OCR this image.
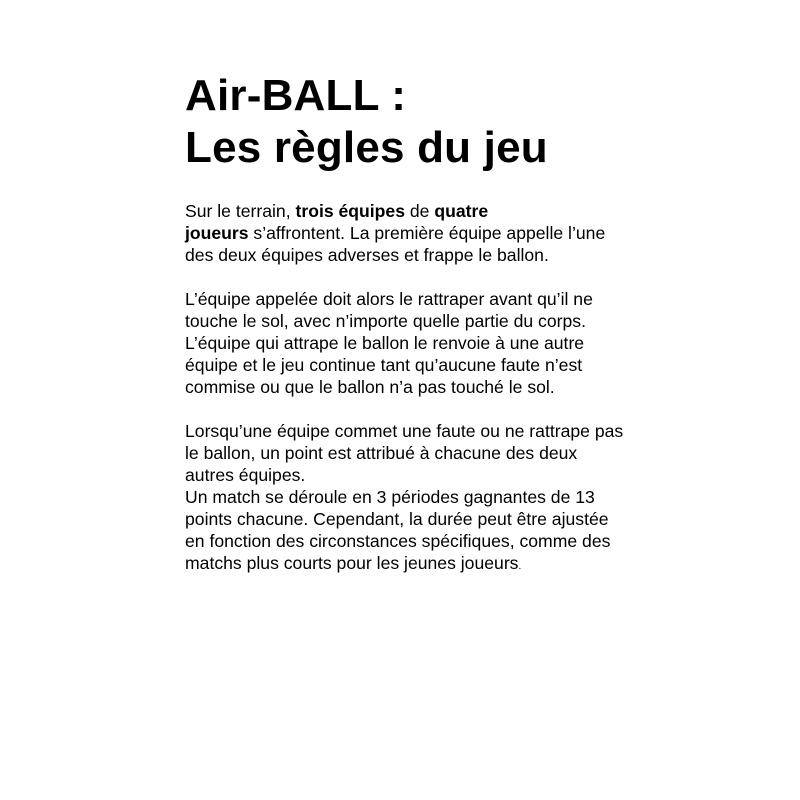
Air-BALL :
Les règles du jeu

Sur le terrain, trois équipes de quatre
joueurs s’affrontent. La première équipe appelle l’une des deux équipes adverses et frappe le ballon.

L’équipe appelée doit alors le rattraper avant qu’il ne touche le sol, avec n’importe quelle partie du corps. L’équipe qui attrape le ballon le renvoie à une autre équipe et le jeu continue tant qu’aucune faute n’est commise ou que le ballon n’a pas touché le sol.

Lorsqu’une équipe commet une faute ou ne rattrape pas le ballon, un point est attribué à chacune des deux autres équipes.

Un match se déroule en 3 périodes gagnantes de 13 points chacune. Cependant, la durée peut être ajustée en fonction des circonstances spécifiques, comme des matchs plus courts pour les jeunes joueurs.
